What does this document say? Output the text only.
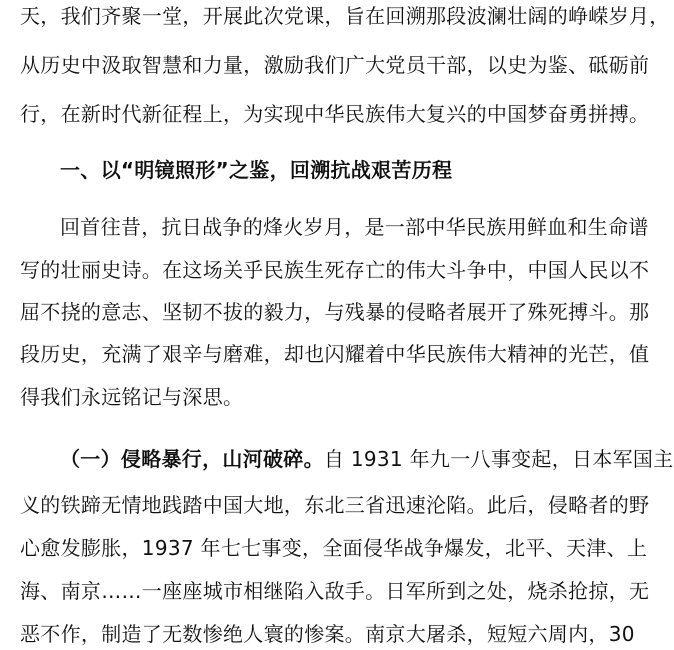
天，我们齐聚一堂，开展此次党课，旨在回溯那段波澜壮阔的峥嵘岁月，
从历史中汲取智慧和力量，激励我们广大党员干部，以史为鉴、砥砺前
行，在新时代新征程上，为实现中华民族伟大复兴的中国梦奋勇拼搏。
一、以“明镜照形”之鉴，回溯抗战艰苦历程
回首往昔，抗日战争的烽火岁月，是一部中华民族用鲜血和生命谱
写的壮丽史诗。在这场关乎民族生死存亡的伟大斗争中，中国人民以不
屈不挠的意志、坚韧不拔的毅力，与残暴的侵略者展开了殊死搏斗。那
段历史，充满了艰辛与磨难，却也闪耀着中华民族伟大精神的光芒，值
得我们永远铭记与深思。
（一）侵略暴行，山河破碎。自 1931 年九一八事变起，日本军国主
义的铁蹄无情地践踏中国大地，东北三省迅速沦陷。此后，侵略者的野
心愈发膨胀，1937 年七七事变，全面侵华战争爆发，北平、天津、上
海、南京……一座座城市相继陷入敌手。日军所到之处，烧杀抢掠，无
恶不作，制造了无数惨绝人寰的惨案。南京大屠杀，短短六周内，30
